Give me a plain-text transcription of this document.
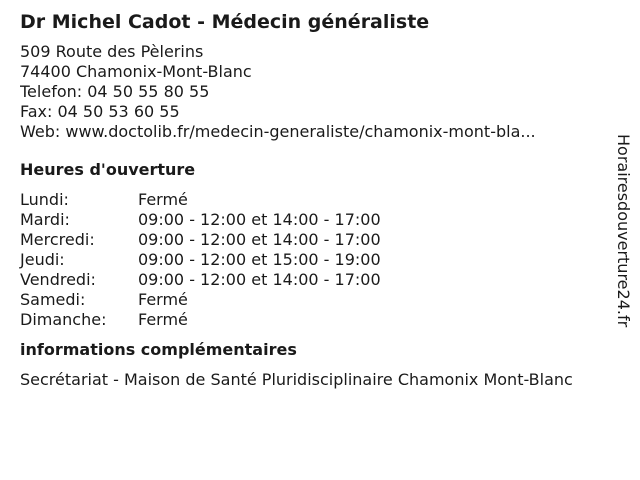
Dr Michel Cadot - Médecin généraliste
509 Route des Pèlerins
74400 Chamonix-Mont-Blanc
Telefon: 04 50 55 80 55
Fax: 04 50 53 60 55
Web: www.doctolib.fr/medecin-generaliste/chamonix-mont-bla...
Heures d'ouverture
Lundi:	Fermé
Mardi:	09:00 - 12:00 et 14:00 - 17:00
Mercredi:	09:00 - 12:00 et 14:00 - 17:00
Jeudi:	09:00 - 12:00 et 15:00 - 19:00
Vendredi:	09:00 - 12:00 et 14:00 - 17:00
Samedi:	Fermé
Dimanche:	Fermé
informations complémentaires
Secrétariat - Maison de Santé Pluridisciplinaire Chamonix Mont-Blanc
Horairesdouverture24.fr
